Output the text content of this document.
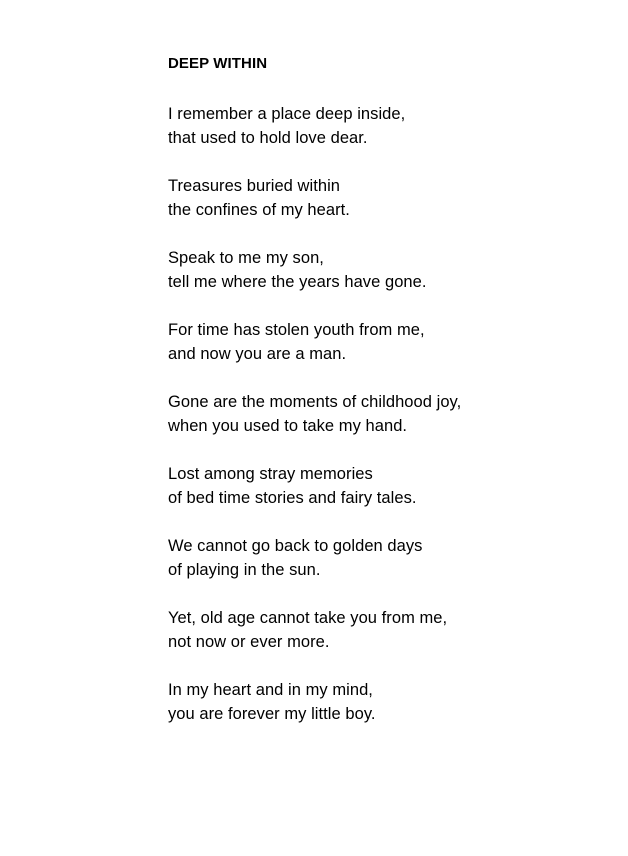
DEEP WITHIN
I remember a place deep inside,
that used to hold love dear.
Treasures buried within
the confines of my heart.
Speak to me my son,
tell me where the years have gone.
For time has stolen youth from me,
and now you are a man.
Gone are the moments of childhood joy,
when you used to take my hand.
Lost among stray memories
of bed time stories and fairy tales.
We cannot go back to golden days
of playing in the sun.
Yet, old age cannot take you from me,
not now or ever more.
In my heart and in my mind,
you are forever my little boy.
